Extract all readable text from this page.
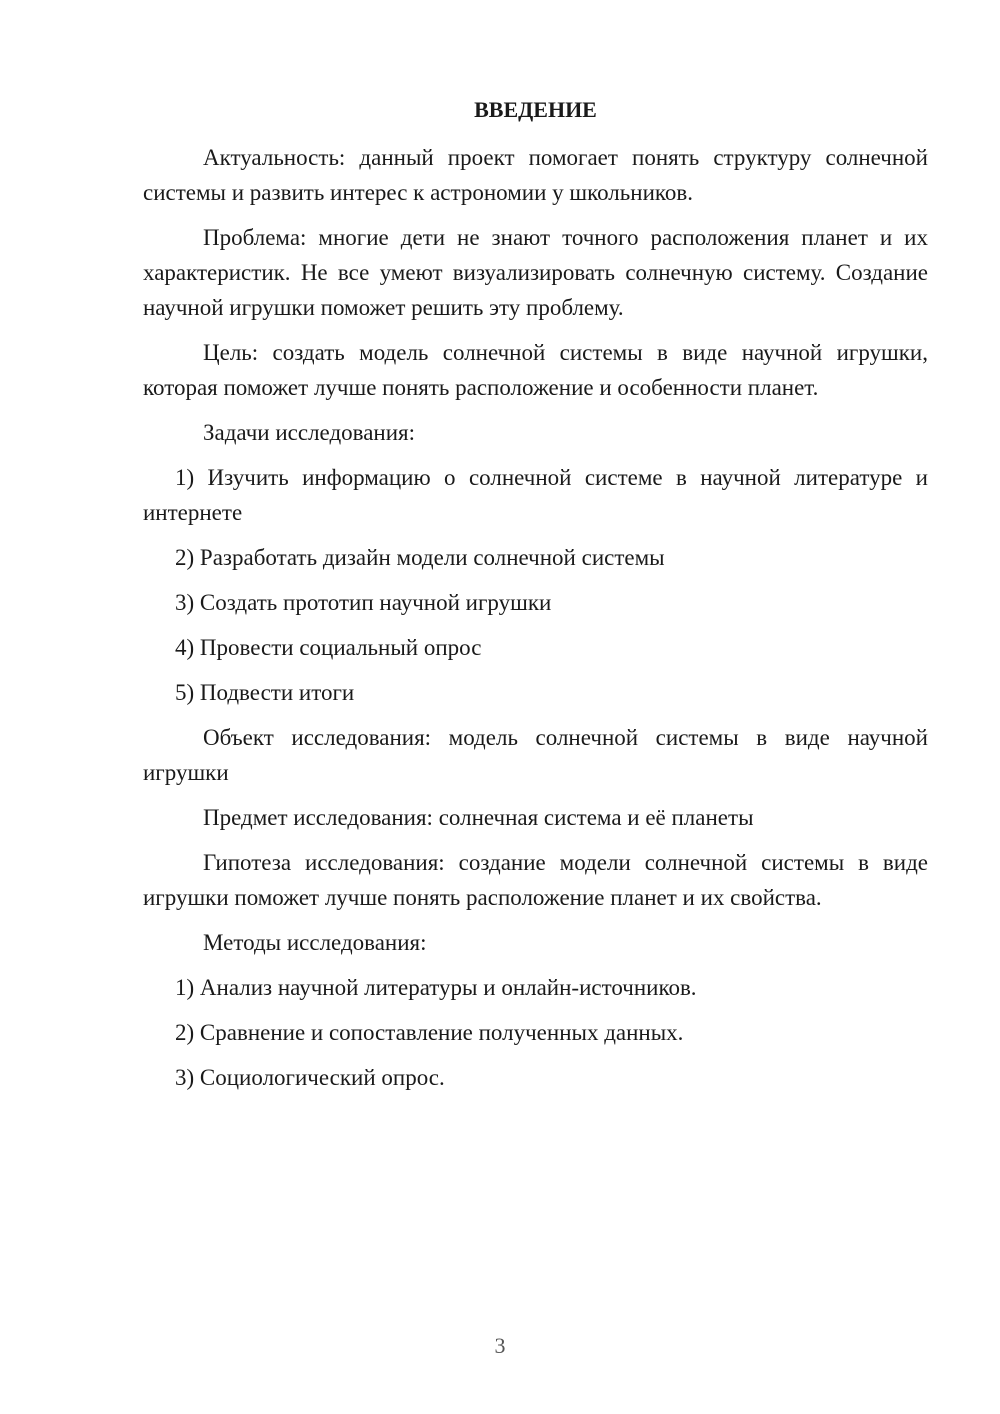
ВВЕДЕНИЕ

Актуальность: данный проект помогает понять структуру солнечной системы и развить интерес к астрономии у школьников.

Проблема: многие дети не знают точного расположения планет и их характеристик. Не все умеют визуализировать солнечную систему. Создание научной игрушки поможет решить эту проблему.

Цель: создать модель солнечной системы в виде научной игрушки, которая поможет лучше понять расположение и особенности планет.

Задачи исследования:

1) Изучить информацию о солнечной системе в научной литературе и интернете

2) Разработать дизайн модели солнечной системы

3) Создать прототип научной игрушки

4) Провести социальный опрос

5) Подвести итоги

Объект исследования: модель солнечной системы в виде научной игрушки

Предмет исследования: солнечная система и её планеты

Гипотеза исследования: создание модели солнечной системы в виде игрушки поможет лучше понять расположение планет и их свойства.

Методы исследования:

1) Анализ научной литературы и онлайн-источников.

2) Сравнение и сопоставление полученных данных.

3) Социологический опрос.

3
